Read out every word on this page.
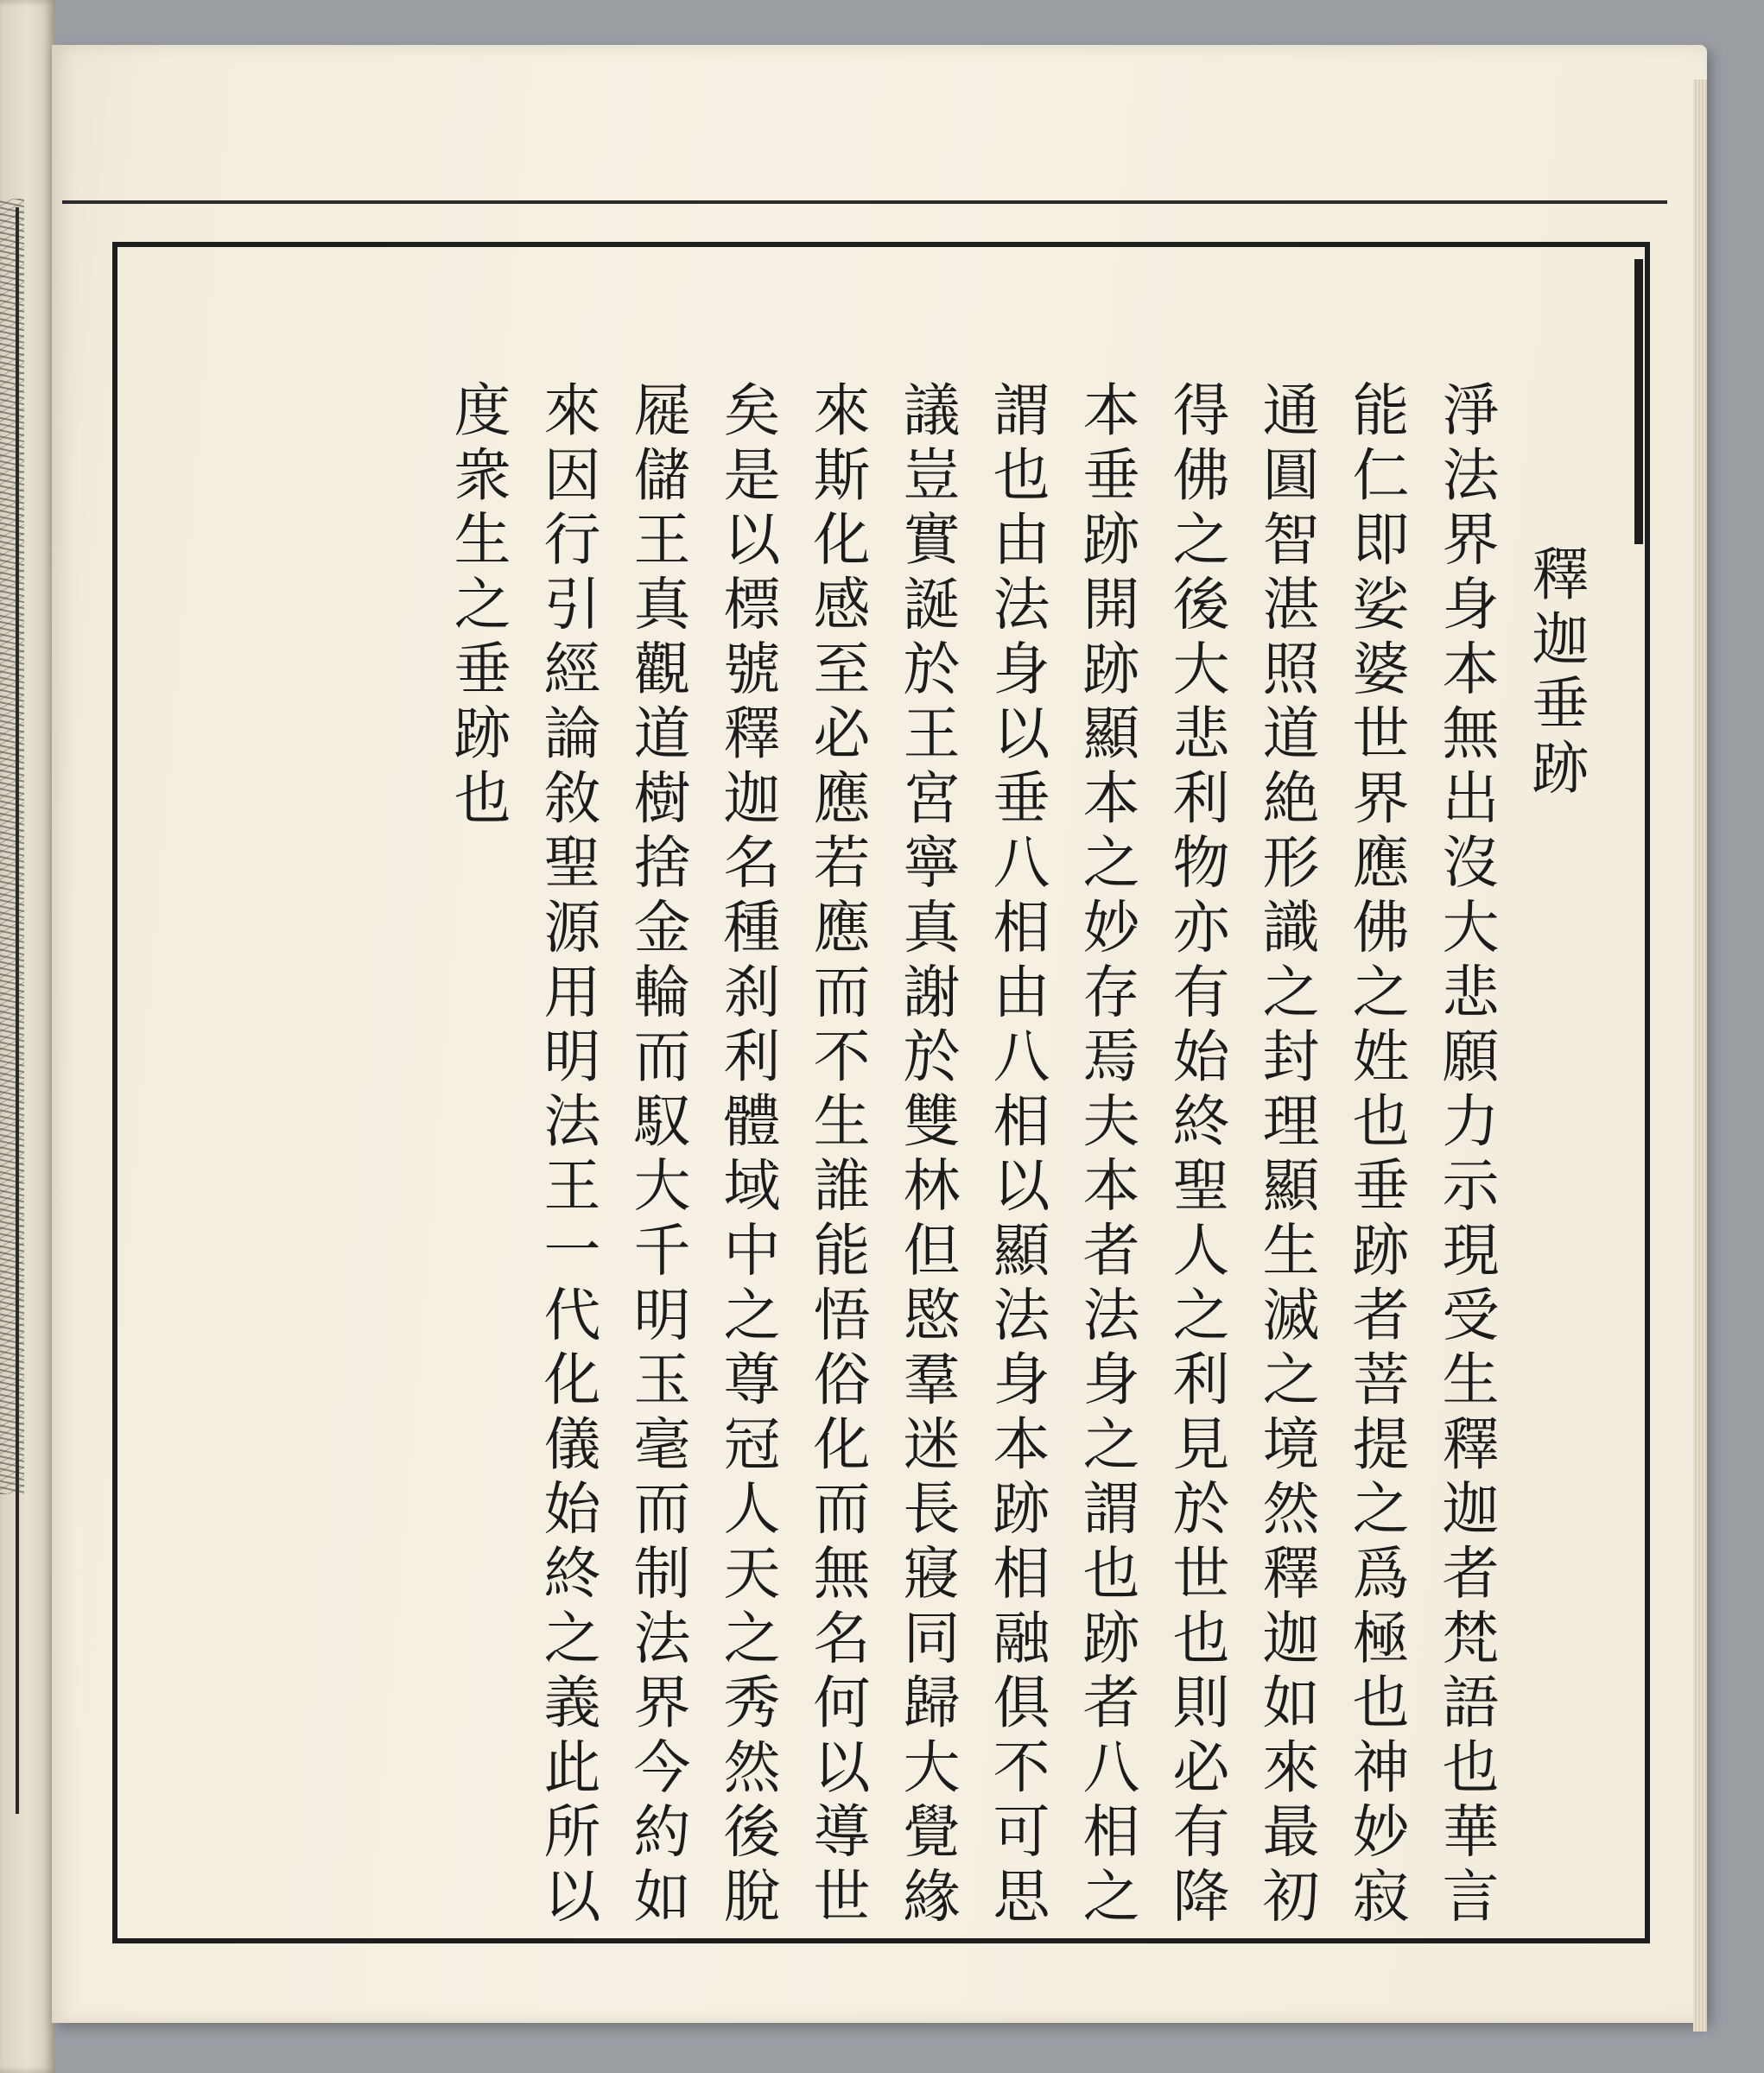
釋迦垂跡
淨法界身本無出沒大悲願力示現受生釋迦者梵語也華言
能仁即娑婆世界應佛之姓也垂跡者菩提之爲極也神妙寂
通圓智湛照道絶形識之封理顯生滅之境然釋迦如來最初
得佛之後大悲利物亦有始終聖人之利見於世也則必有降
本垂跡開跡顯本之妙存焉夫本者法身之謂也跡者八相之
謂也由法身以垂八相由八相以顯法身本跡相融俱不可思
議豈實誕於王宮寧真謝於雙林但愍羣迷長寢同歸大覺緣
來斯化感至必應若應而不生誰能悟俗化而無名何以導世
矣是以標號釋迦名種刹利體域中之尊冠人天之秀然後脫
屣儲王真觀道樹捨金輪而馭大千明玉毫而制法界今約如
來因行引經論敘聖源用明法王一代化儀始終之義此所以
度衆生之垂跡也
